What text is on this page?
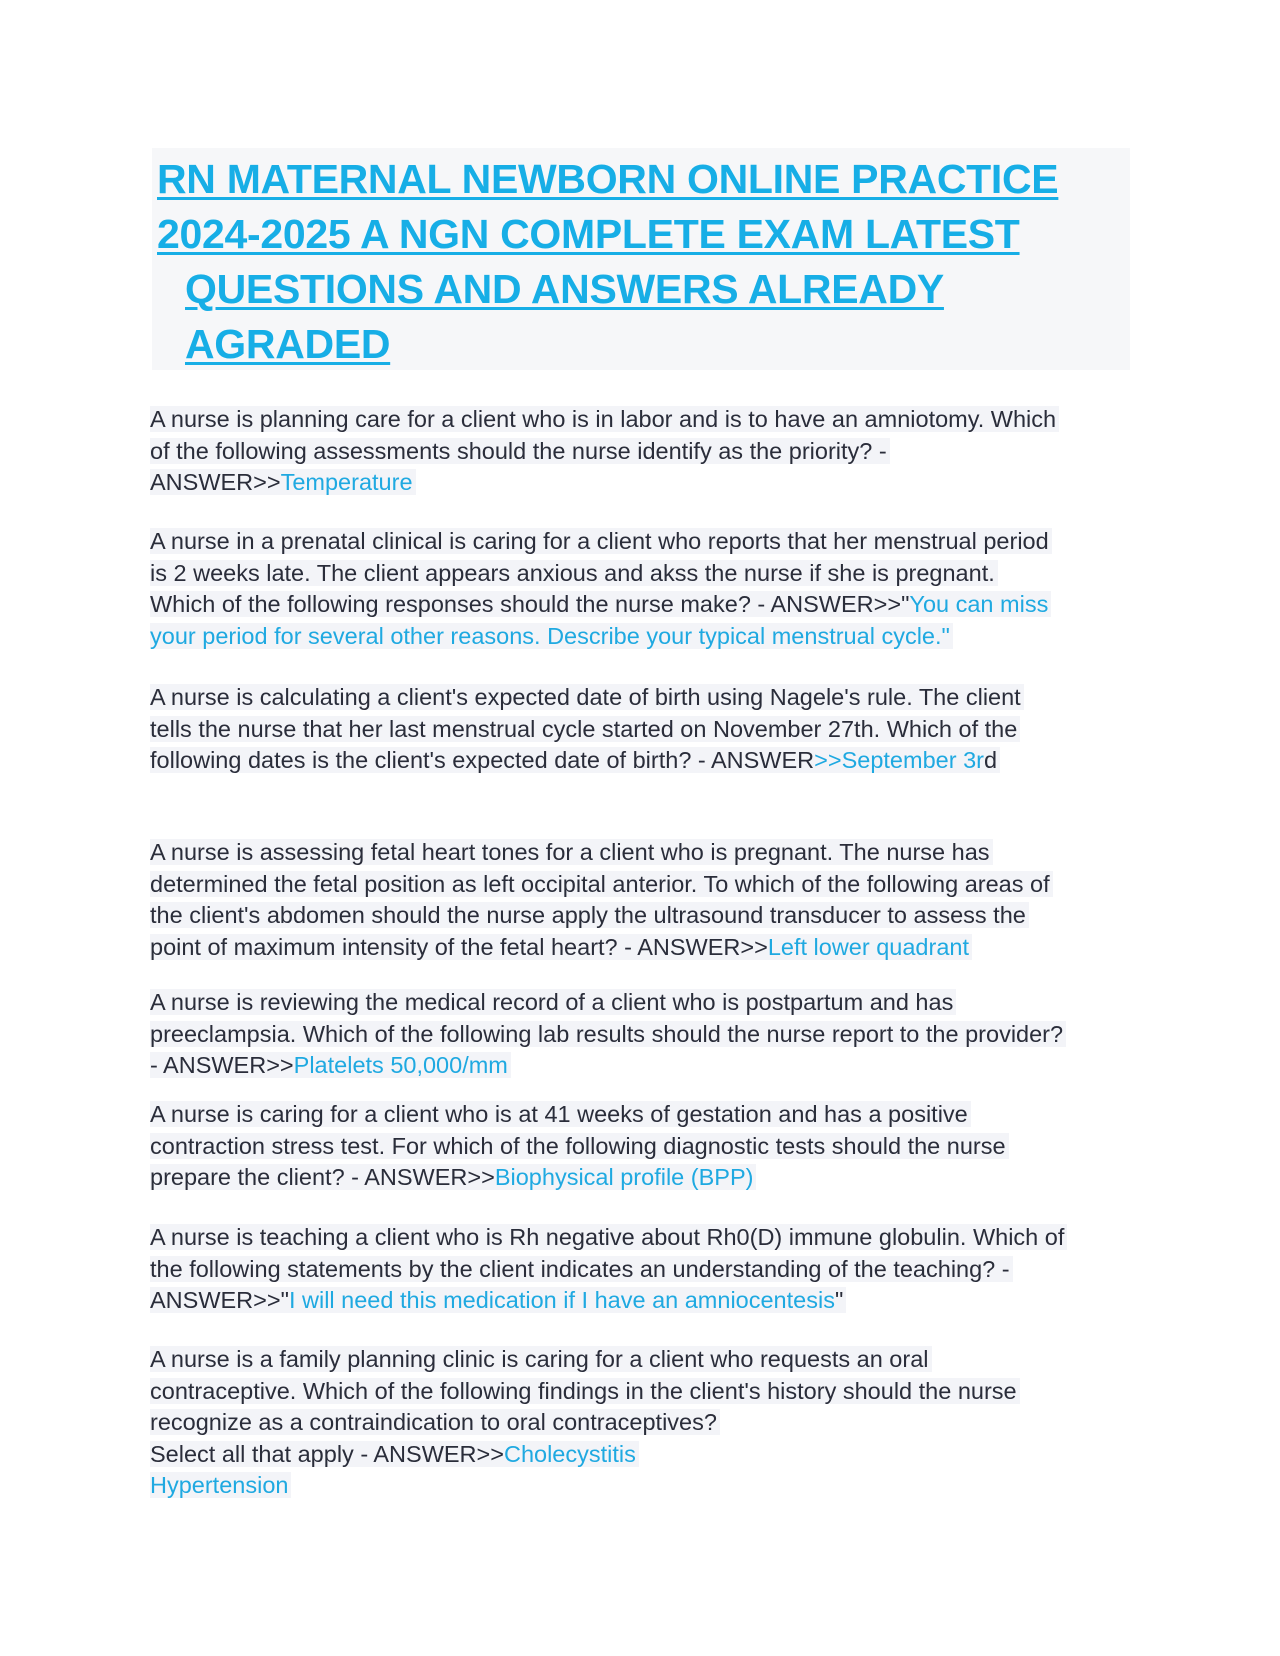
RN MATERNAL NEWBORN ONLINE PRACTICE
2024-2025 A NGN COMPLETE EXAM LATEST
QUESTIONS AND ANSWERS ALREADY
AGRADED
A nurse is planning care for a client who is in labor and is to have an amniotomy. Which
of the following assessments should the nurse identify as the priority? -
ANSWER>>Temperature
A nurse in a prenatal clinical is caring for a client who reports that her menstrual period
is 2 weeks late. The client appears anxious and akss the nurse if she is pregnant.
Which of the following responses should the nurse make? - ANSWER>>"You can miss
your period for several other reasons. Describe your typical menstrual cycle."
A nurse is calculating a client's expected date of birth using Nagele's rule. The client
tells the nurse that her last menstrual cycle started on November 27th. Which of the
following dates is the client's expected date of birth? - ANSWER>>September 3rd
A nurse is assessing fetal heart tones for a client who is pregnant. The nurse has
determined the fetal position as left occipital anterior. To which of the following areas of
the client's abdomen should the nurse apply the ultrasound transducer to assess the
point of maximum intensity of the fetal heart? - ANSWER>>Left lower quadrant
A nurse is reviewing the medical record of a client who is postpartum and has
preeclampsia. Which of the following lab results should the nurse report to the provider?
- ANSWER>>Platelets 50,000/mm
A nurse is caring for a client who is at 41 weeks of gestation and has a positive
contraction stress test. For which of the following diagnostic tests should the nurse
prepare the client? - ANSWER>>Biophysical profile (BPP)
A nurse is teaching a client who is Rh negative about Rh0(D) immune globulin. Which of
the following statements by the client indicates an understanding of the teaching? -
ANSWER>>"I will need this medication if I have an amniocentesis"
A nurse is a family planning clinic is caring for a client who requests an oral
contraceptive. Which of the following findings in the client's history should the nurse
recognize as a contraindication to oral contraceptives?
Select all that apply - ANSWER>>Cholecystitis
Hypertension
